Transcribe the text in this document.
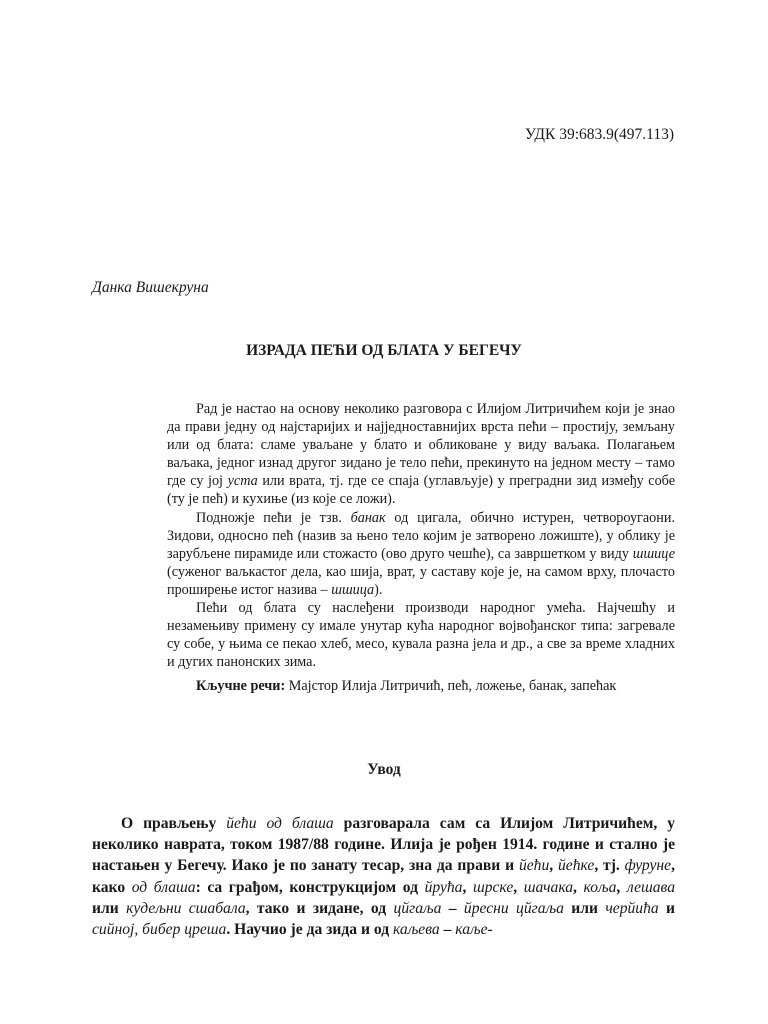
УДК 39:683.9(497.113)
Данка Вишекруна
ИЗРАДА ПЕЋИ ОД БЛАТА У БЕГЕЧУ

Рад је настао на основу неколико разговора с Илијом Литричићем који је знао да прави једну од најстаријих и најједноставнијих врста пећи – простију, земљану или од блата: сламе уваљане у блато и обликоване у виду ваљака. Полагањем ваљака, једног изнад другог зидано је тело пећи, прекинуто на једном месту – тамо где су јој уста или врата, тј. где се спаја (углављује) у преградни зид између собе (ту је пећ) и кухиње (из које се ложи).

Подножје пећи је тзв. банак од цигала, обично истурен, четвороугаони. Зидови, односно пећ (назив за њено тело којим је затворено ложиште), у облику је зарубљене пирамиде или стожасто (ово друго чешће), са завршетком у виду шшице (суженог ваљкастог дела, као шија, врат, у саставу које је, на самом врху, плочасто проширење истог назива – шшица).

Пећи од блата су наслеђени производи народног умећа. Најчешћу и незамењиву примену су имале унутар кућа народног војвођанског типа: загревале су собе, у њима се пекао хлеб, месо, кувала разна јела и др., а све за време хладних и дугих панонских зима.

Кључне речи: Мајстор Илија Литричић, пећ, ложење, банак, запећак

Увод

О прављењу йећи од блаша разговарала сам са Илијом Литричићем, у неколико наврата, током 1987/88 године. Илија је рођен 1914. године и стално је настањен у Бегечу. Иако је по занату тесар, зна да прави и йећи, йећке, тј. фуруне, како од блаша: са грађом, конструкцијом од йрућа, шрске, шачака, коља, лешава или кудељни сшабала, тако и зидане, од цйгаља – йресни цйгаља или черйића и сийној, бибер цреша. Научио је да зида и од каљева – каље-
